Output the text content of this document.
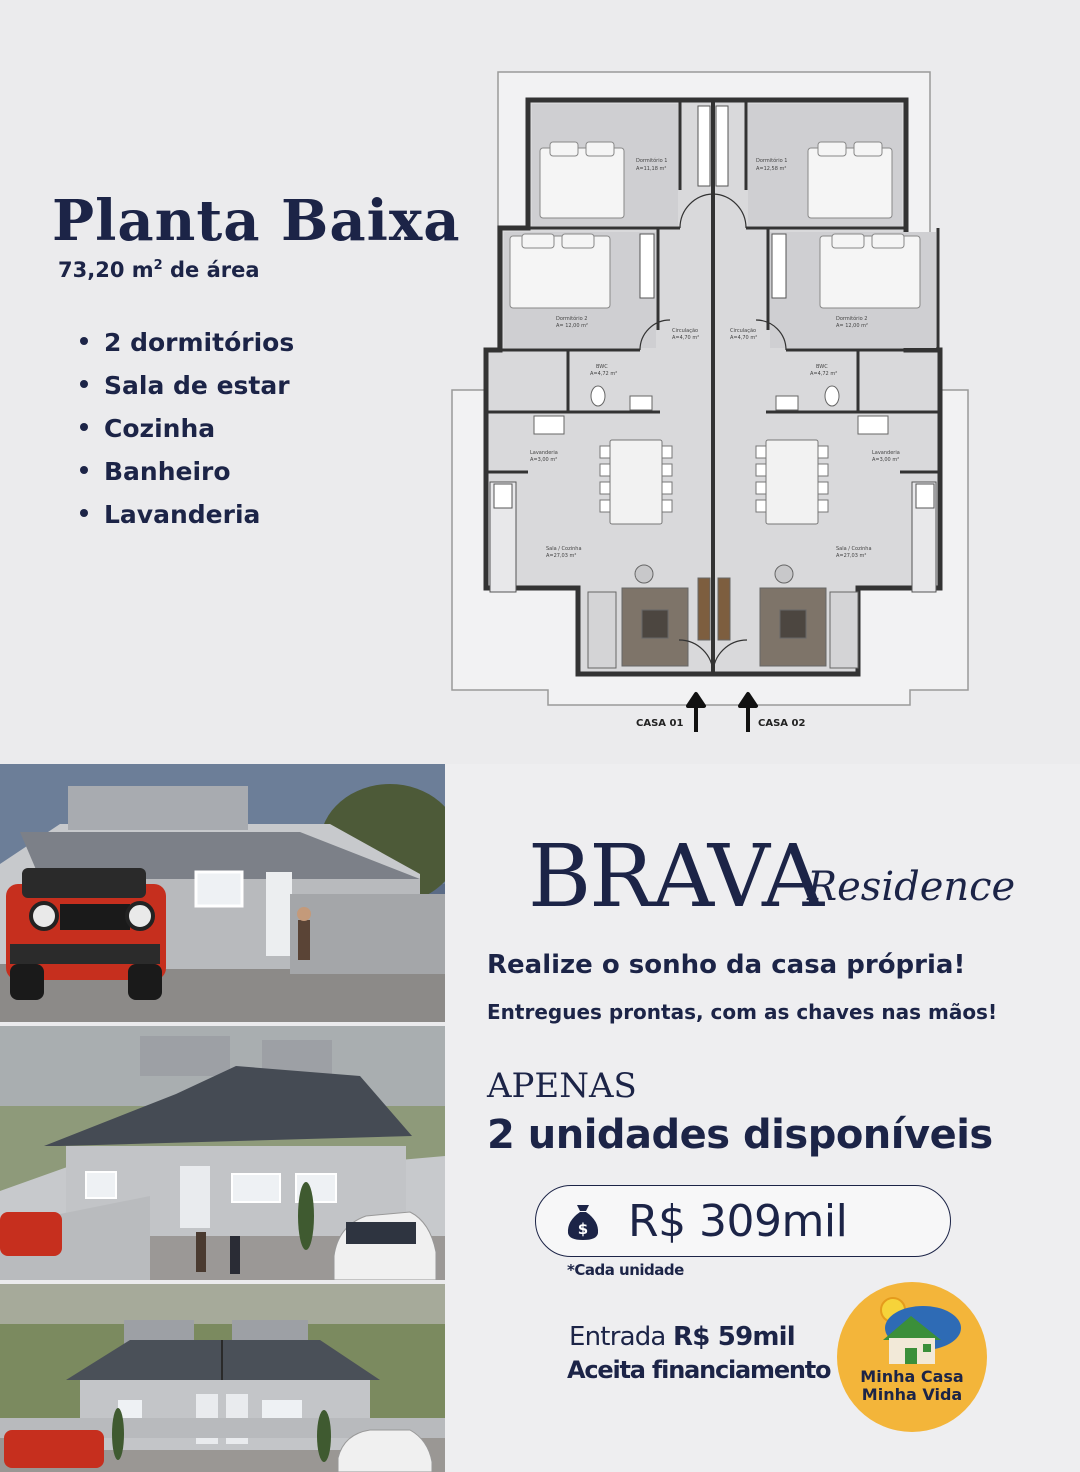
Planta Baixa
73,20 $m^2$ de área
2 dormitórios
Sala de estar
Cozinha
Banheiro
Lavanderia
Dormitório 1
A=11,18 m²
Dormitório 2
A= 12,00 m²
Circulação
A=4,70 m²
BWC
A=4,72 m²
Lavanderia
A=3,00 m²
Sala / Cozinha
A=27,03 m²
Dormitório 1
A=12,58 m²
Dormitório 2
A= 12,00 m²
Circulação
A=4,70 m²
BWC
A=4,72 m²
Lavanderia
A=3,00 m²
Sala / Cozinha
A=27,03 m²
CASA 01	CASA 02
BRAVA
Residence
Realize o sonho da casa própria!
Entregues prontas, com as chaves nas mãos!
APENAS
2 unidades disponíveis
$ R$ 309mil
*Cada unidade
Entrada R$ 59mil
Aceita financiamento	Minha Casa
Minha Vida
